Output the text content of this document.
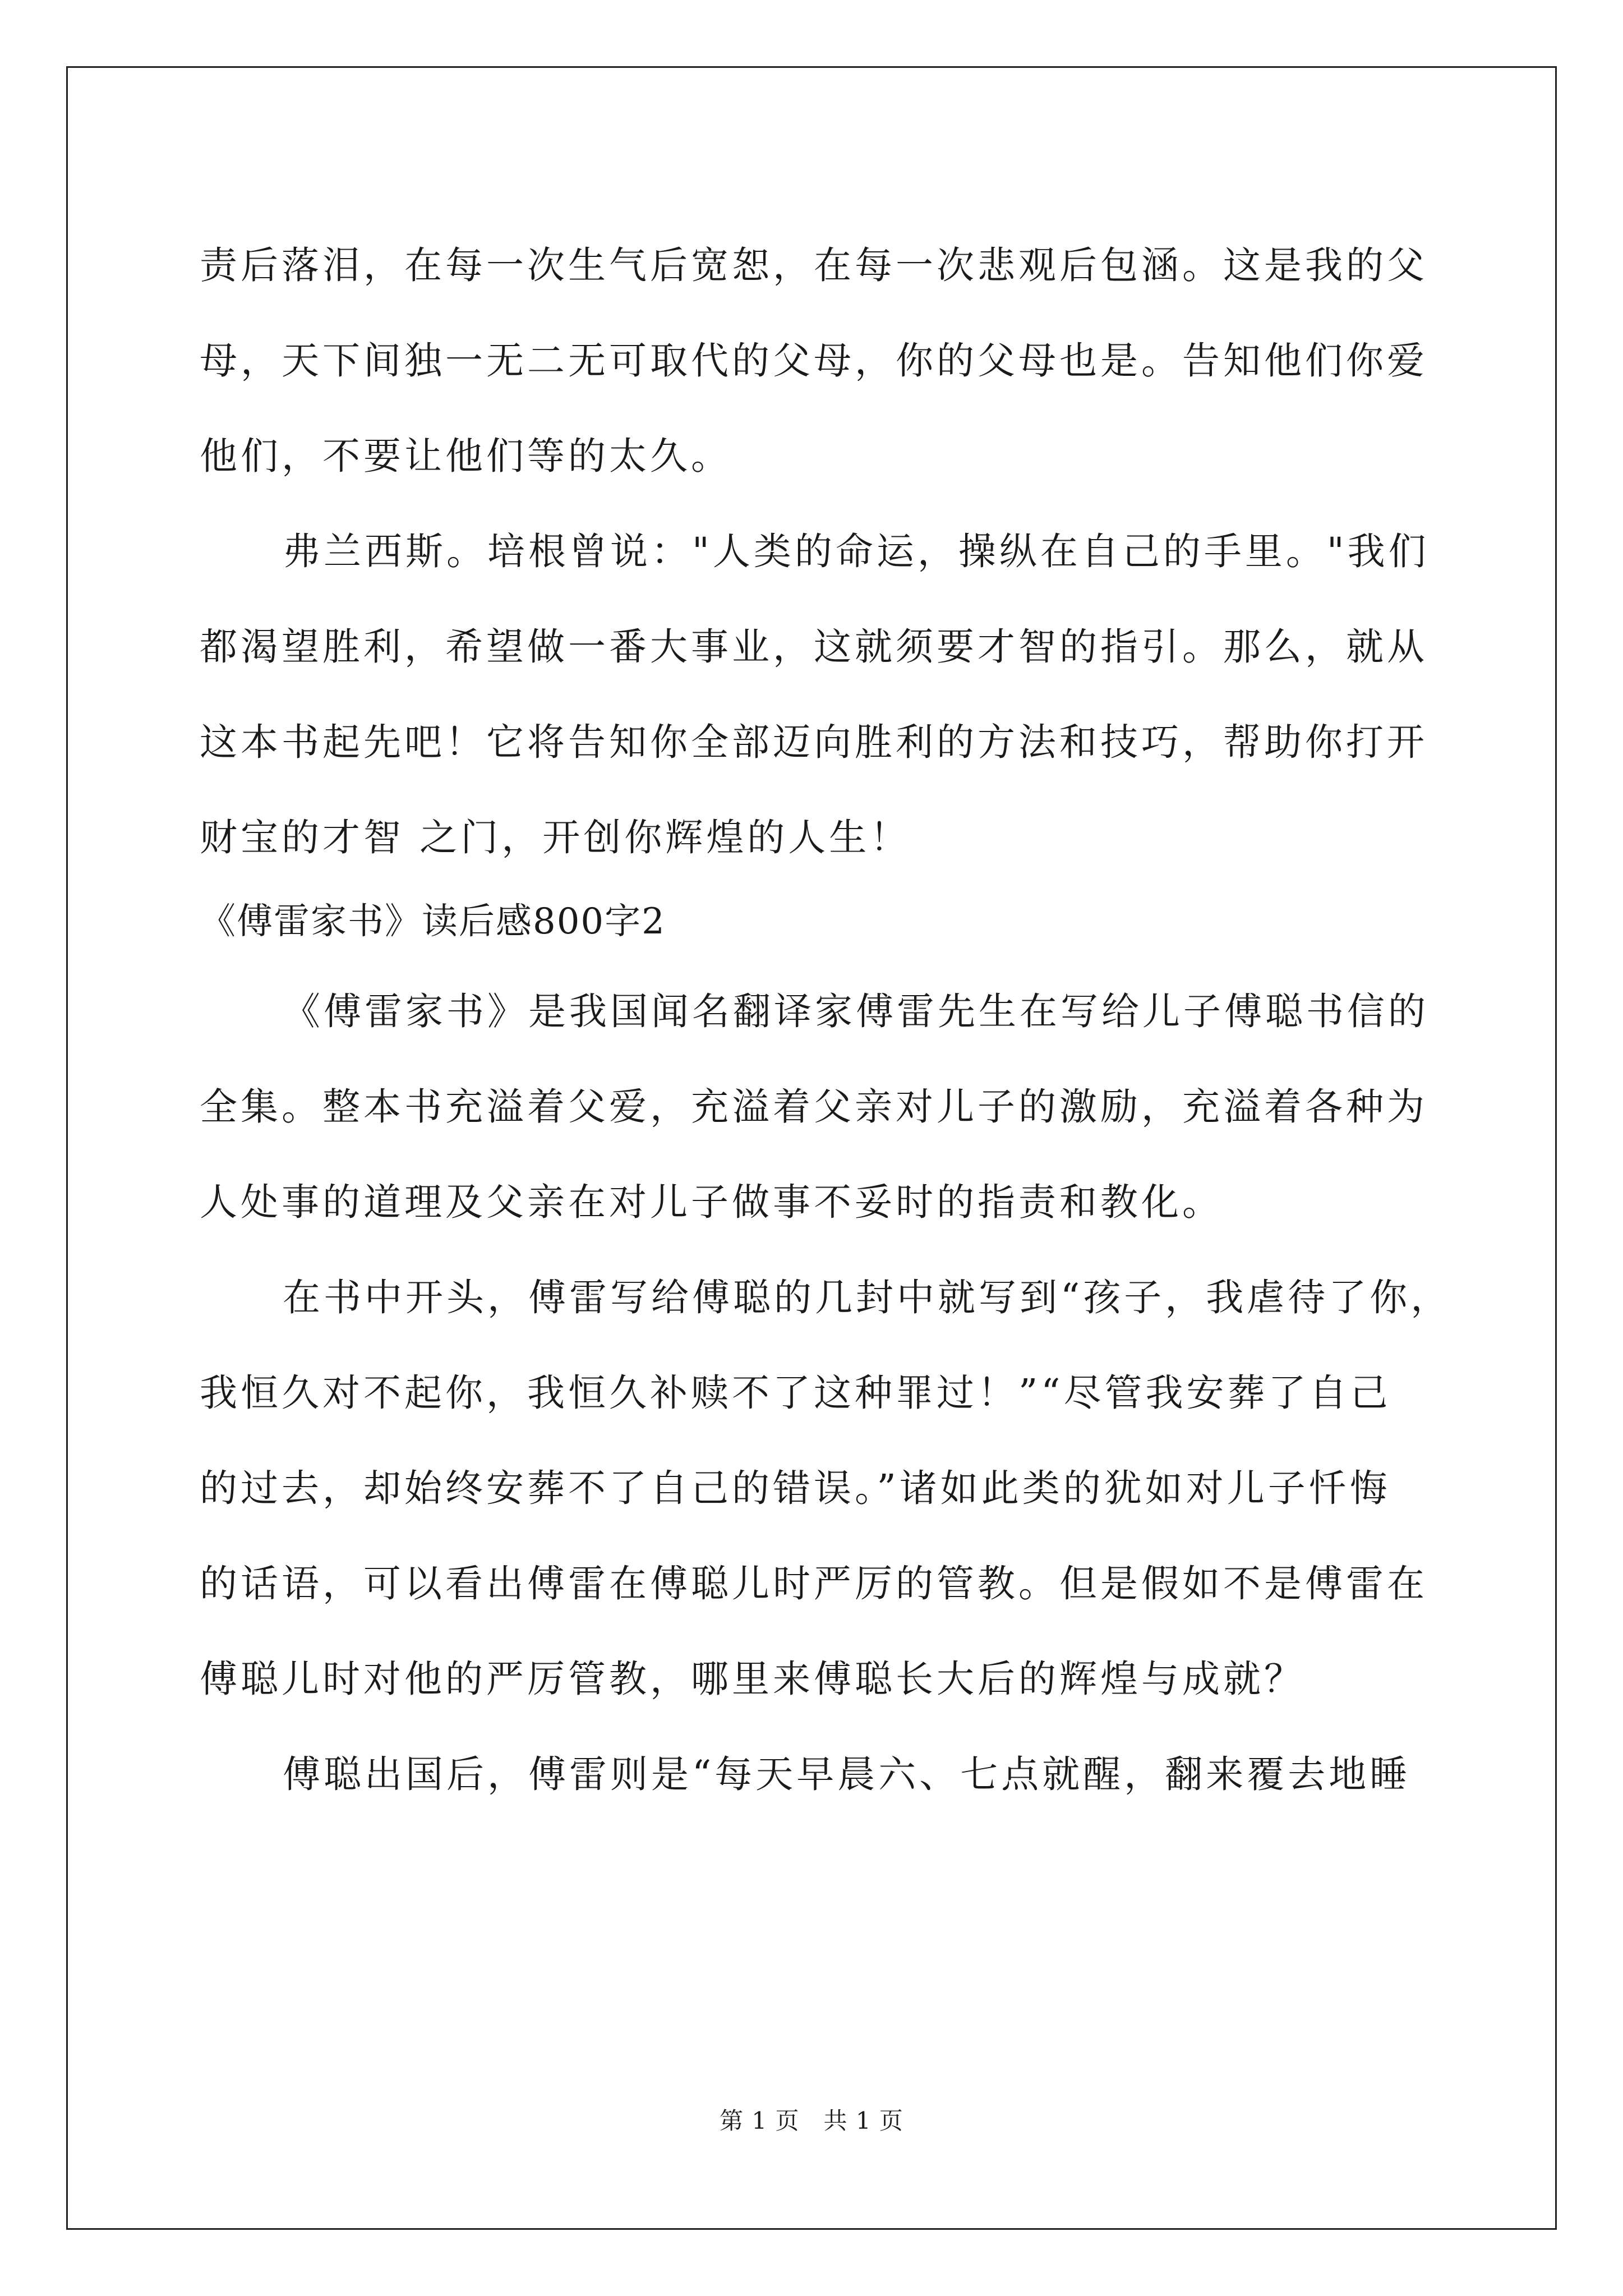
责后落泪，在每一次生气后宽恕，在每一次悲观后包涵。这是我的父
母，天下间独一无二无可取代的父母，你的父母也是。告知他们你爱
他们，不要让他们等的太久。
弗兰西斯。培根曾说："人类的命运，操纵在自己的手里。"我们
都渴望胜利，希望做一番大事业，这就须要才智的指引。那么，就从
这本书起先吧！它将告知你全部迈向胜利的方法和技巧，帮助你打开
财宝的才智 之门，开创你辉煌的人生！
《傅雷家书》读后感800字2
《傅雷家书》是我国闻名翻译家傅雷先生在写给儿子傅聪书信的
全集。整本书充溢着父爱，充溢着父亲对儿子的激励，充溢着各种为
人处事的道理及父亲在对儿子做事不妥时的指责和教化。
在书中开头，傅雷写给傅聪的几封中就写到“孩子，我虐待了你，
我恒久对不起你，我恒久补赎不了这种罪过！”“尽管我安葬了自己
的过去，却始终安葬不了自己的错误。”诸如此类的犹如对儿子忏悔
的话语，可以看出傅雷在傅聪儿时严厉的管教。但是假如不是傅雷在
傅聪儿时对他的严厉管教，哪里来傅聪长大后的辉煌与成就？
傅聪出国后，傅雷则是“每天早晨六、七点就醒，翻来覆去地睡
第 1 页　共 1 页
